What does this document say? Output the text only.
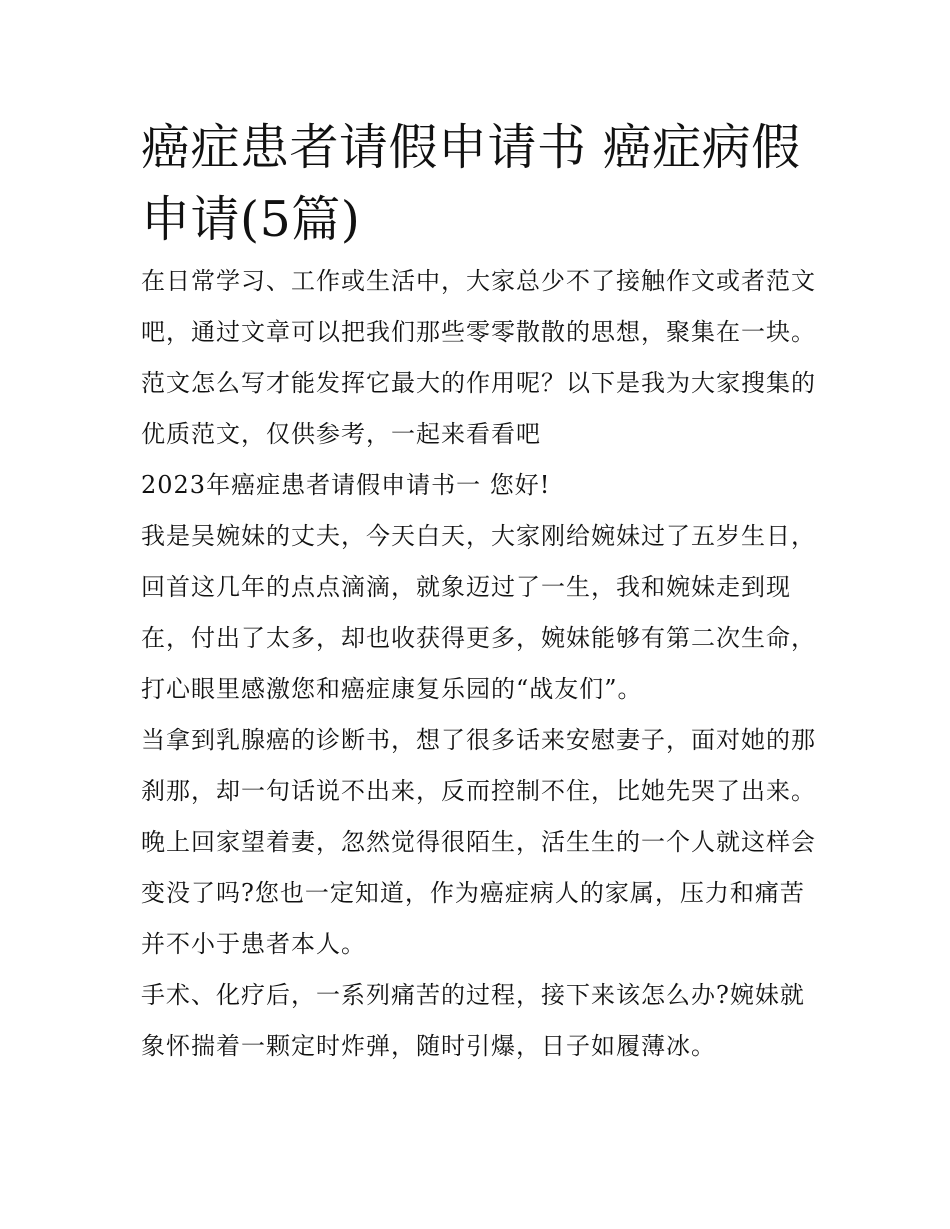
癌症患者请假申请书 癌症病假申请(5篇)

在日常学习、工作或生活中，大家总少不了接触作文或者范文吧，通过文章可以把我们那些零零散散的思想，聚集在一块。范文怎么写才能发挥它最大的作用呢？以下是我为大家搜集的优质范文，仅供参考，一起来看看吧

2023年癌症患者请假申请书一 您好!

我是吴婉妹的丈夫，今天白天，大家刚给婉妹过了五岁生日，回首这几年的点点滴滴，就象迈过了一生，我和婉妹走到现在，付出了太多，却也收获得更多，婉妹能够有第二次生命，打心眼里感激您和癌症康复乐园的“战友们”。

当拿到乳腺癌的诊断书，想了很多话来安慰妻子，面对她的那刹那，却一句话说不出来，反而控制不住，比她先哭了出来。晚上回家望着妻，忽然觉得很陌生，活生生的一个人就这样会变没了吗?您也一定知道，作为癌症病人的家属，压力和痛苦并不小于患者本人。

手术、化疗后，一系列痛苦的过程，接下来该怎么办?婉妹就象怀揣着一颗定时炸弹，随时引爆，日子如履薄冰。
